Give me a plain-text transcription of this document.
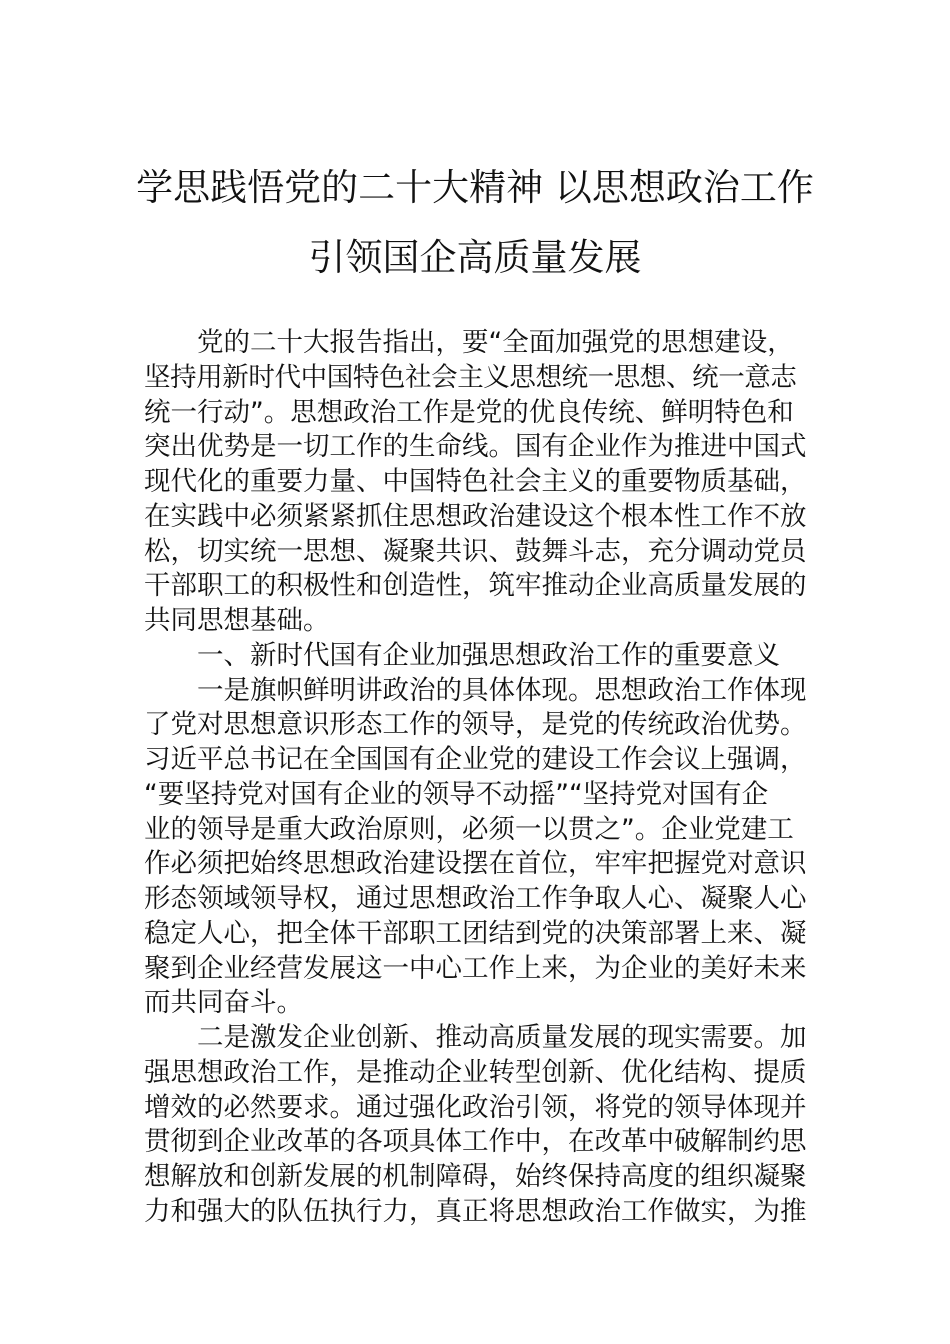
学思践悟党的二十大精神 以思想政治工作
引领国企高质量发展
党的二十大报告指出，要“全面加强党的思想建设，
坚持用新时代中国特色社会主义思想统一思想、统一意志
统一行动”。思想政治工作是党的优良传统、鲜明特色和
突出优势是一切工作的生命线。国有企业作为推进中国式
现代化的重要力量、中国特色社会主义的重要物质基础，
在实践中必须紧紧抓住思想政治建设这个根本性工作不放
松，切实统一思想、凝聚共识、鼓舞斗志，充分调动党员
干部职工的积极性和创造性，筑牢推动企业高质量发展的
共同思想基础。
一、新时代国有企业加强思想政治工作的重要意义
一是旗帜鲜明讲政治的具体体现。思想政治工作体现
了党对思想意识形态工作的领导，是党的传统政治优势。
习近平总书记在全国国有企业党的建设工作会议上强调，
“要坚持党对国有企业的领导不动摇”“坚持党对国有企
业的领导是重大政治原则，必须一以贯之”。企业党建工
作必须把始终思想政治建设摆在首位，牢牢把握党对意识
形态领域领导权，通过思想政治工作争取人心、凝聚人心
稳定人心，把全体干部职工团结到党的决策部署上来、凝
聚到企业经营发展这一中心工作上来，为企业的美好未来
而共同奋斗。
二是激发企业创新、推动高质量发展的现实需要。加
强思想政治工作，是推动企业转型创新、优化结构、提质
增效的必然要求。通过强化政治引领，将党的领导体现并
贯彻到企业改革的各项具体工作中，在改革中破解制约思
想解放和创新发展的机制障碍，始终保持高度的组织凝聚
力和强大的队伍执行力，真正将思想政治工作做实，为推
